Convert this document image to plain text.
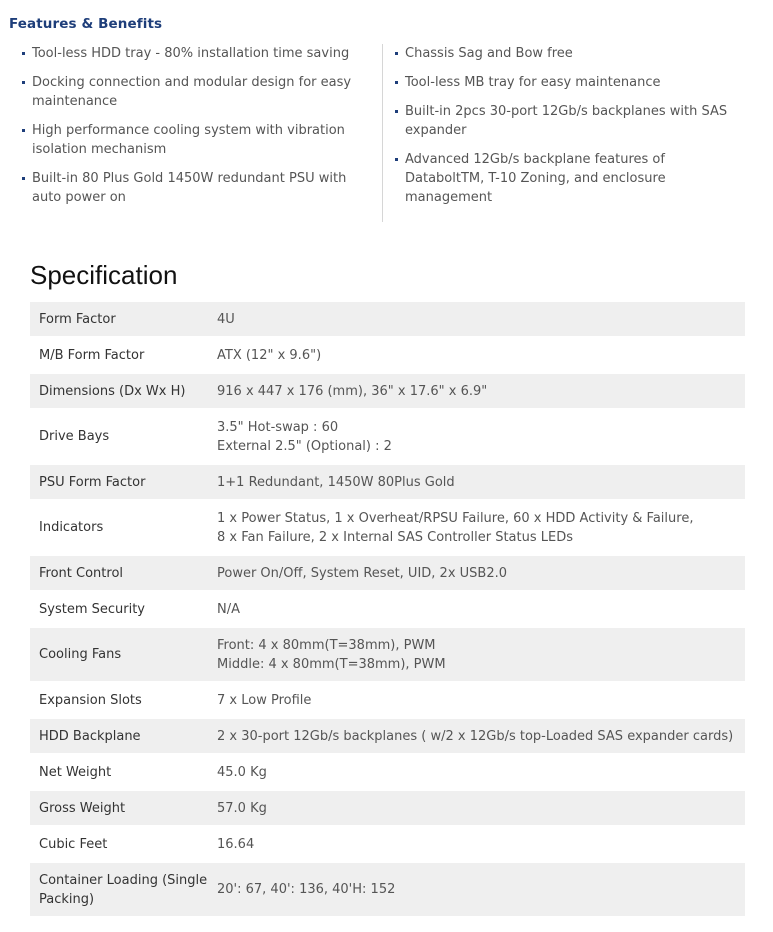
Features & Benefits
Tool-less HDD tray - 80% installation time saving
Docking connection and modular design for easy maintenance
High performance cooling system with vibration isolation mechanism
Built-in 80 Plus Gold 1450W redundant PSU with auto power on
Chassis Sag and Bow free
Tool-less MB tray for easy maintenance
Built-in 2pcs 30-port 12Gb/s backplanes with SAS expander
Advanced 12Gb/s backplane features of DataboltTM, T-10 Zoning, and enclosure management
Specification
Form Factor	4U

M/B Form Factor	ATX (12" x 9.6")

Dimensions (Dx Wx H)	916 x 447 x 176 (mm), 36" x 17.6" x 6.9"

Drive Bays	3.5" Hot-swap : 60
External 2.5" (Optional) : 2

PSU Form Factor	1+1 Redundant, 1450W 80Plus Gold

Indicators	1 x Power Status, 1 x Overheat/RPSU Failure, 60 x HDD Activity & Failure,
8 x Fan Failure, 2 x Internal SAS Controller Status LEDs

Front Control	Power On/Off, System Reset, UID, 2x USB2.0

System Security	N/A

Cooling Fans	Front: 4 x 80mm(T=38mm), PWM
Middle: 4 x 80mm(T=38mm), PWM

Expansion Slots	7 x Low Profile

HDD Backplane	2 x 30-port 12Gb/s backplanes ( w/2 x 12Gb/s top-Loaded SAS expander cards)

Net Weight	45.0 Kg

Gross Weight	57.0 Kg

Cubic Feet	16.64

Container Loading (Single Packing)	20': 67, 40': 136, 40'H: 152
